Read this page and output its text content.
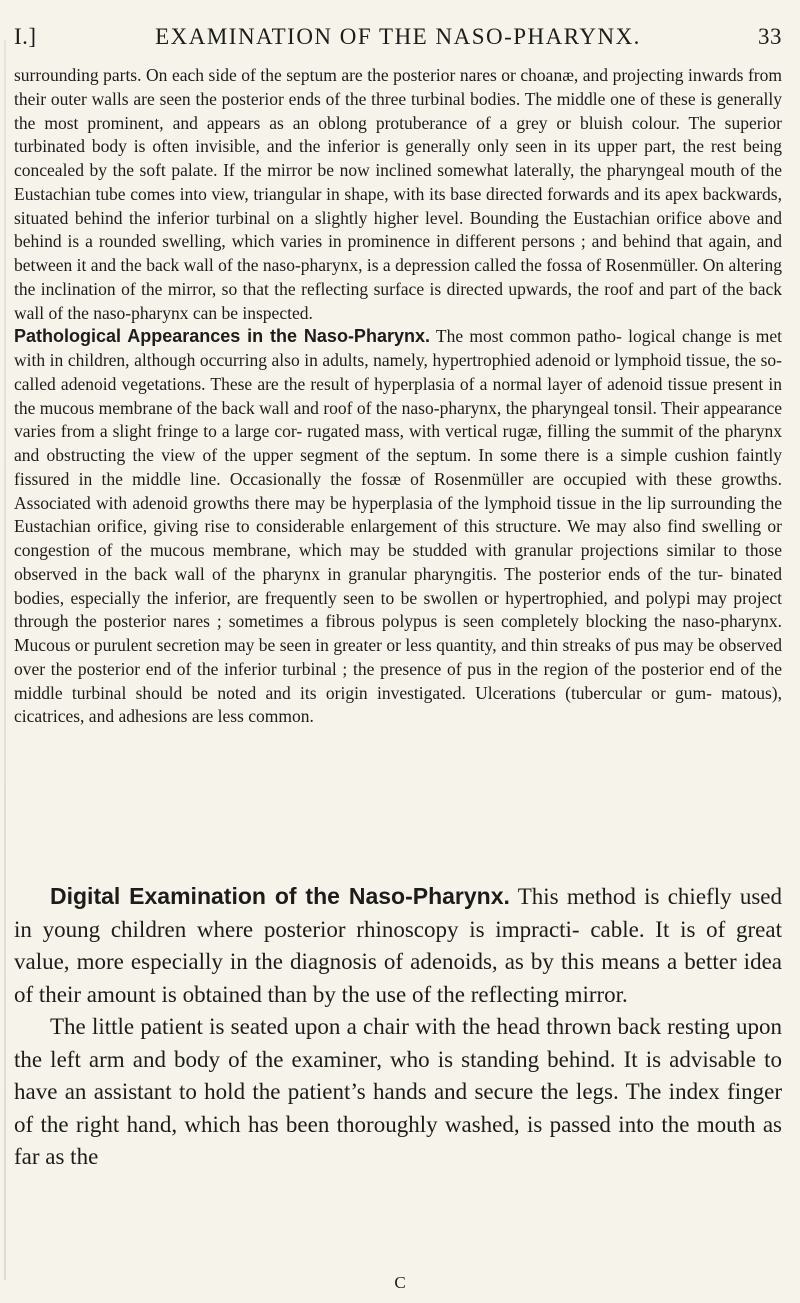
I.]	EXAMINATION OF THE NASO-PHARYNX.	33

surrounding parts. On each side of the septum are the posterior nares or choanæ, and projecting inwards from their outer walls are seen the posterior ends of the three turbinal bodies. The middle one of these is generally the most prominent, and appears as an oblong protuberance of a grey or bluish colour. The superior turbinated body is often invisible, and the inferior is generally only seen in its upper part, the rest being concealed by the soft palate. If the mirror be now inclined somewhat laterally, the pharyngeal mouth of the Eustachian tube comes into view, triangular in shape, with its base directed forwards and its apex backwards, situated behind the inferior turbinal on a slightly higher level. Bounding the Eustachian orifice above and behind is a rounded swelling, which varies in prominence in different persons ; and behind that again, and between it and the back wall of the naso-pharynx, is a depression called the fossa of Rosenmüller. On altering the inclination of the mirror, so that the reflecting surface is directed upwards, the roof and part of the back wall of the naso-pharynx can be inspected.

Pathological Appearances in the Naso-Pharynx. The most common patho- logical change is met with in children, although occurring also in adults, namely, hypertrophied adenoid or lymphoid tissue, the so-called adenoid vegetations. These are the result of hyperplasia of a normal layer of adenoid tissue present in the mucous membrane of the back wall and roof of the naso-pharynx, the pharyngeal tonsil. Their appearance varies from a slight fringe to a large cor- rugated mass, with vertical rugæ, filling the summit of the pharynx and obstructing the view of the upper segment of the septum. In some there is a simple cushion faintly fissured in the middle line. Occasionally the fossæ of Rosenmüller are occupied with these growths. Associated with adenoid growths there may be hyperplasia of the lymphoid tissue in the lip surrounding the Eustachian orifice, giving rise to considerable enlargement of this structure. We may also find swelling or congestion of the mucous membrane, which may be studded with granular projections similar to those observed in the back wall of the pharynx in granular pharyngitis. The posterior ends of the tur- binated bodies, especially the inferior, are frequently seen to be swollen or hypertrophied, and polypi may project through the posterior nares ; sometimes a fibrous polypus is seen completely blocking the naso-pharynx. Mucous or purulent secretion may be seen in greater or less quantity, and thin streaks of pus may be observed over the posterior end of the inferior turbinal ; the presence of pus in the region of the posterior end of the middle turbinal should be noted and its origin investigated. Ulcerations (tubercular or gum- matous), cicatrices, and adhesions are less common.

Digital Examination of the Naso-Pharynx. This method is chiefly used in young children where posterior rhinoscopy is impracti- cable. It is of great value, more especially in the diagnosis of adenoids, as by this means a better idea of their amount is obtained than by the use of the reflecting mirror.

The little patient is seated upon a chair with the head thrown back resting upon the left arm and body of the examiner, who is standing behind. It is advisable to have an assistant to hold the patient’s hands and secure the legs. The index finger of the right hand, which has been thoroughly washed, is passed into the mouth as far as the

C
